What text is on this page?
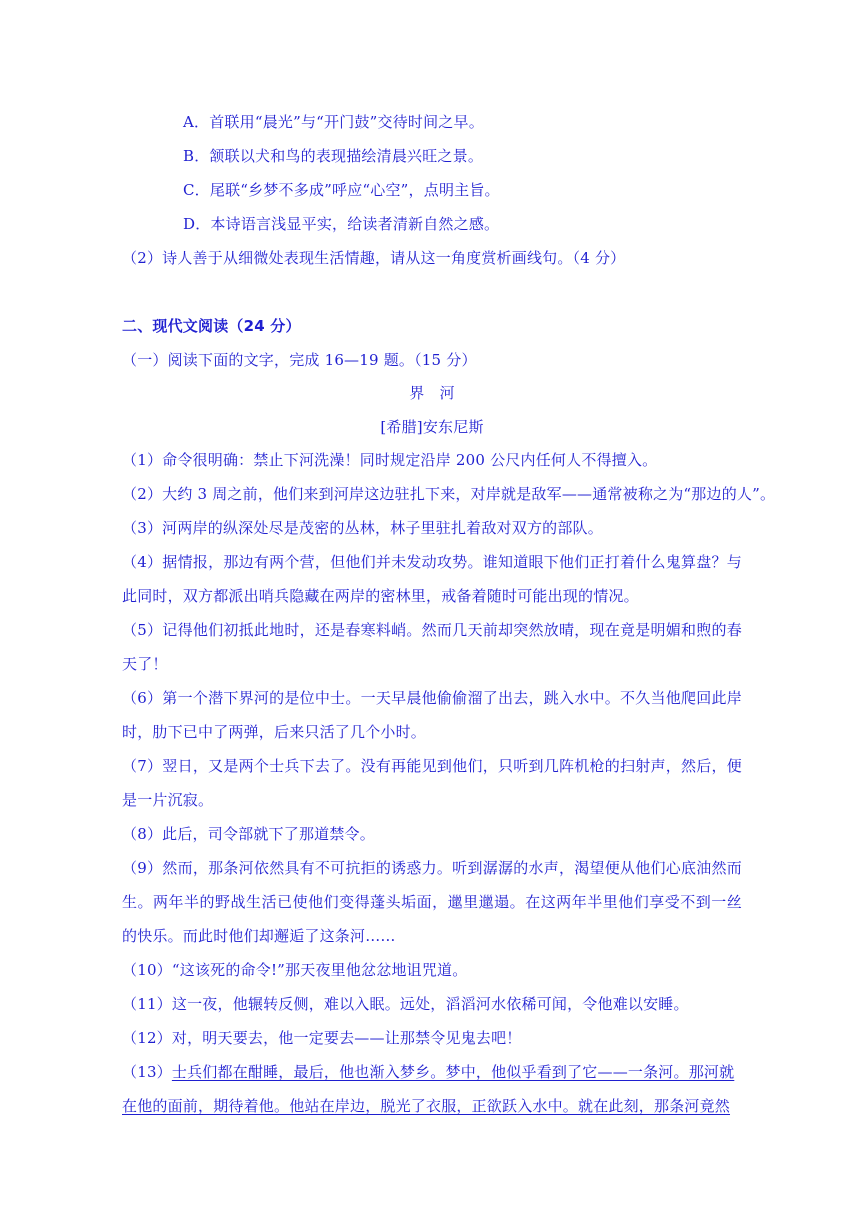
A．首联用“晨光”与“开门鼓”交待时间之早。
B．颔联以犬和鸟的表现描绘清晨兴旺之景。
C．尾联“乡梦不多成”呼应“心空”，点明主旨。
D．本诗语言浅显平实，给读者清新自然之感。
（2）诗人善于从细微处表现生活情趣，请从这一角度赏析画线句。（4 分）
二、现代文阅读（24 分）
（一）阅读下面的文字，完成 16—19 题。（15 分）
界　河
[希腊]安东尼斯
（1）命令很明确：禁止下河洗澡！同时规定沿岸 200 公尺内任何人不得擅入。
（2）大约 3 周之前，他们来到河岸这边驻扎下来，对岸就是敌军——通常被称之为“那边的人”。
（3）河两岸的纵深处尽是茂密的丛林，林子里驻扎着敌对双方的部队。
（4）据情报，那边有两个营，但他们并未发动攻势。谁知道眼下他们正打着什么鬼算盘？与
此同时，双方都派出哨兵隐藏在两岸的密林里，戒备着随时可能出现的情况。
（5）记得他们初抵此地时，还是春寒料峭。然而几天前却突然放晴，现在竟是明媚和煦的春
天了！
（6）第一个潜下界河的是位中士。一天早晨他偷偷溜了出去，跳入水中。不久当他爬回此岸
时，肋下已中了两弹，后来只活了几个小时。
（7）翌日，又是两个士兵下去了。没有再能见到他们，只听到几阵机枪的扫射声，然后，便
是一片沉寂。
（8）此后，司令部就下了那道禁令。
（9）然而，那条河依然具有不可抗拒的诱惑力。听到潺潺的水声，渴望便从他们心底油然而
生。两年半的野战生活已使他们变得蓬头垢面，邋里邋遢。在这两年半里他们享受不到一丝
的快乐。而此时他们却邂逅了这条河……
（10）“这该死的命令!”那天夜里他忿忿地诅咒道。
（11）这一夜，他辗转反侧，难以入眠。远处，滔滔河水依稀可闻，令他难以安睡。
（12）对，明天要去，他一定要去——让那禁令见鬼去吧！
（13）士兵们都在酣睡，最后，他也渐入梦乡。梦中，他似乎看到了它——一条河。那河就
在他的面前，期待着他。他站在岸边，脱光了衣服，正欲跃入水中。就在此刻，那条河竟然
